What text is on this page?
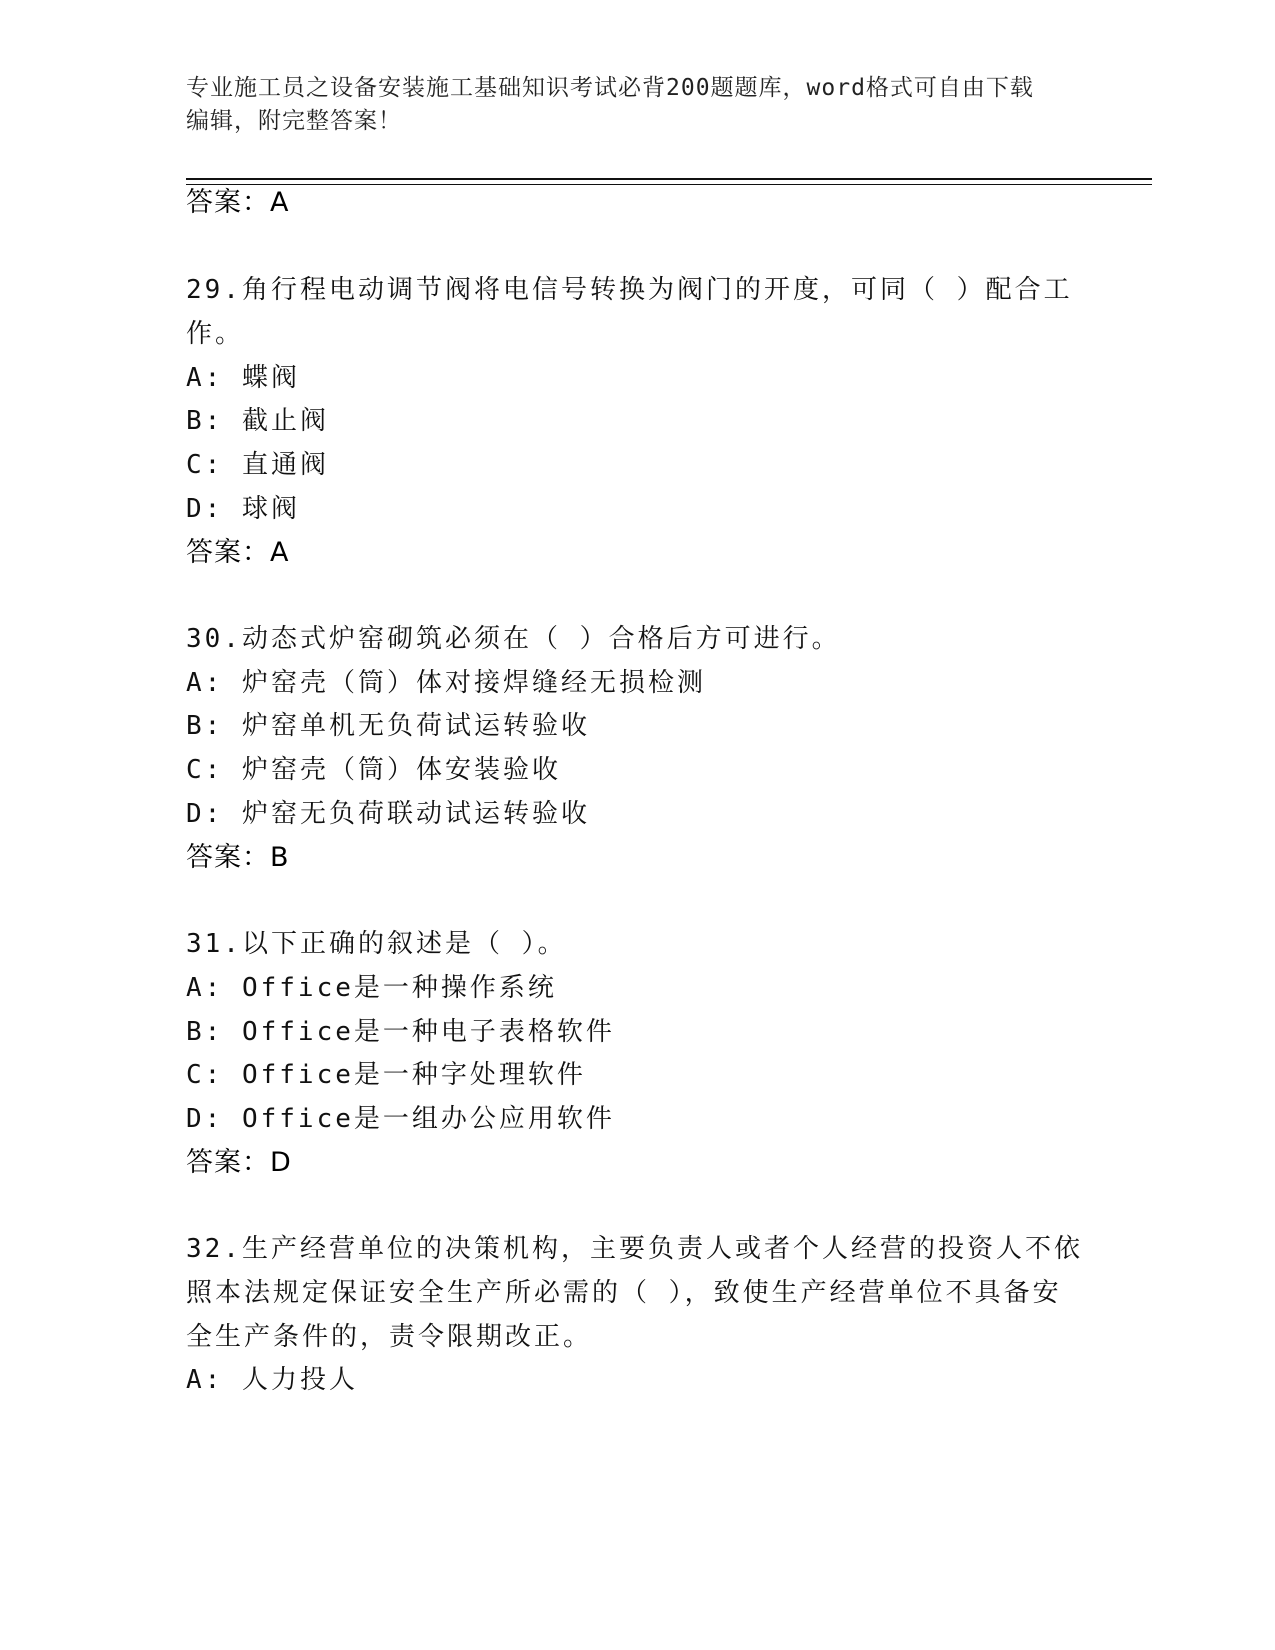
专业施工员之设备安装施工基础知识考试必背200题题库，word格式可自由下载
编辑，附完整答案！
答案：A
29.角行程电动调节阀将电信号转换为阀门的开度，可同（ ）配合工
作。
A: 蝶阀
B: 截止阀
C: 直通阀
D: 球阀
答案：A
30.动态式炉窑砌筑必须在（ ）合格后方可进行。
A: 炉窑壳（筒）体对接焊缝经无损检测
B: 炉窑单机无负荷试运转验收
C: 炉窑壳（筒）体安装验收
D: 炉窑无负荷联动试运转验收
答案：B
31.以下正确的叙述是（ ）。
A: Office是一种操作系统
B: Office是一种电子表格软件
C: Office是一种字处理软件
D: Office是一组办公应用软件
答案：D
32.生产经营单位的决策机构，主要负责人或者个人经营的投资人不依
照本法规定保证安全生产所必需的（ ），致使生产经营单位不具备安
全生产条件的，责令限期改正。
A: 人力投人
